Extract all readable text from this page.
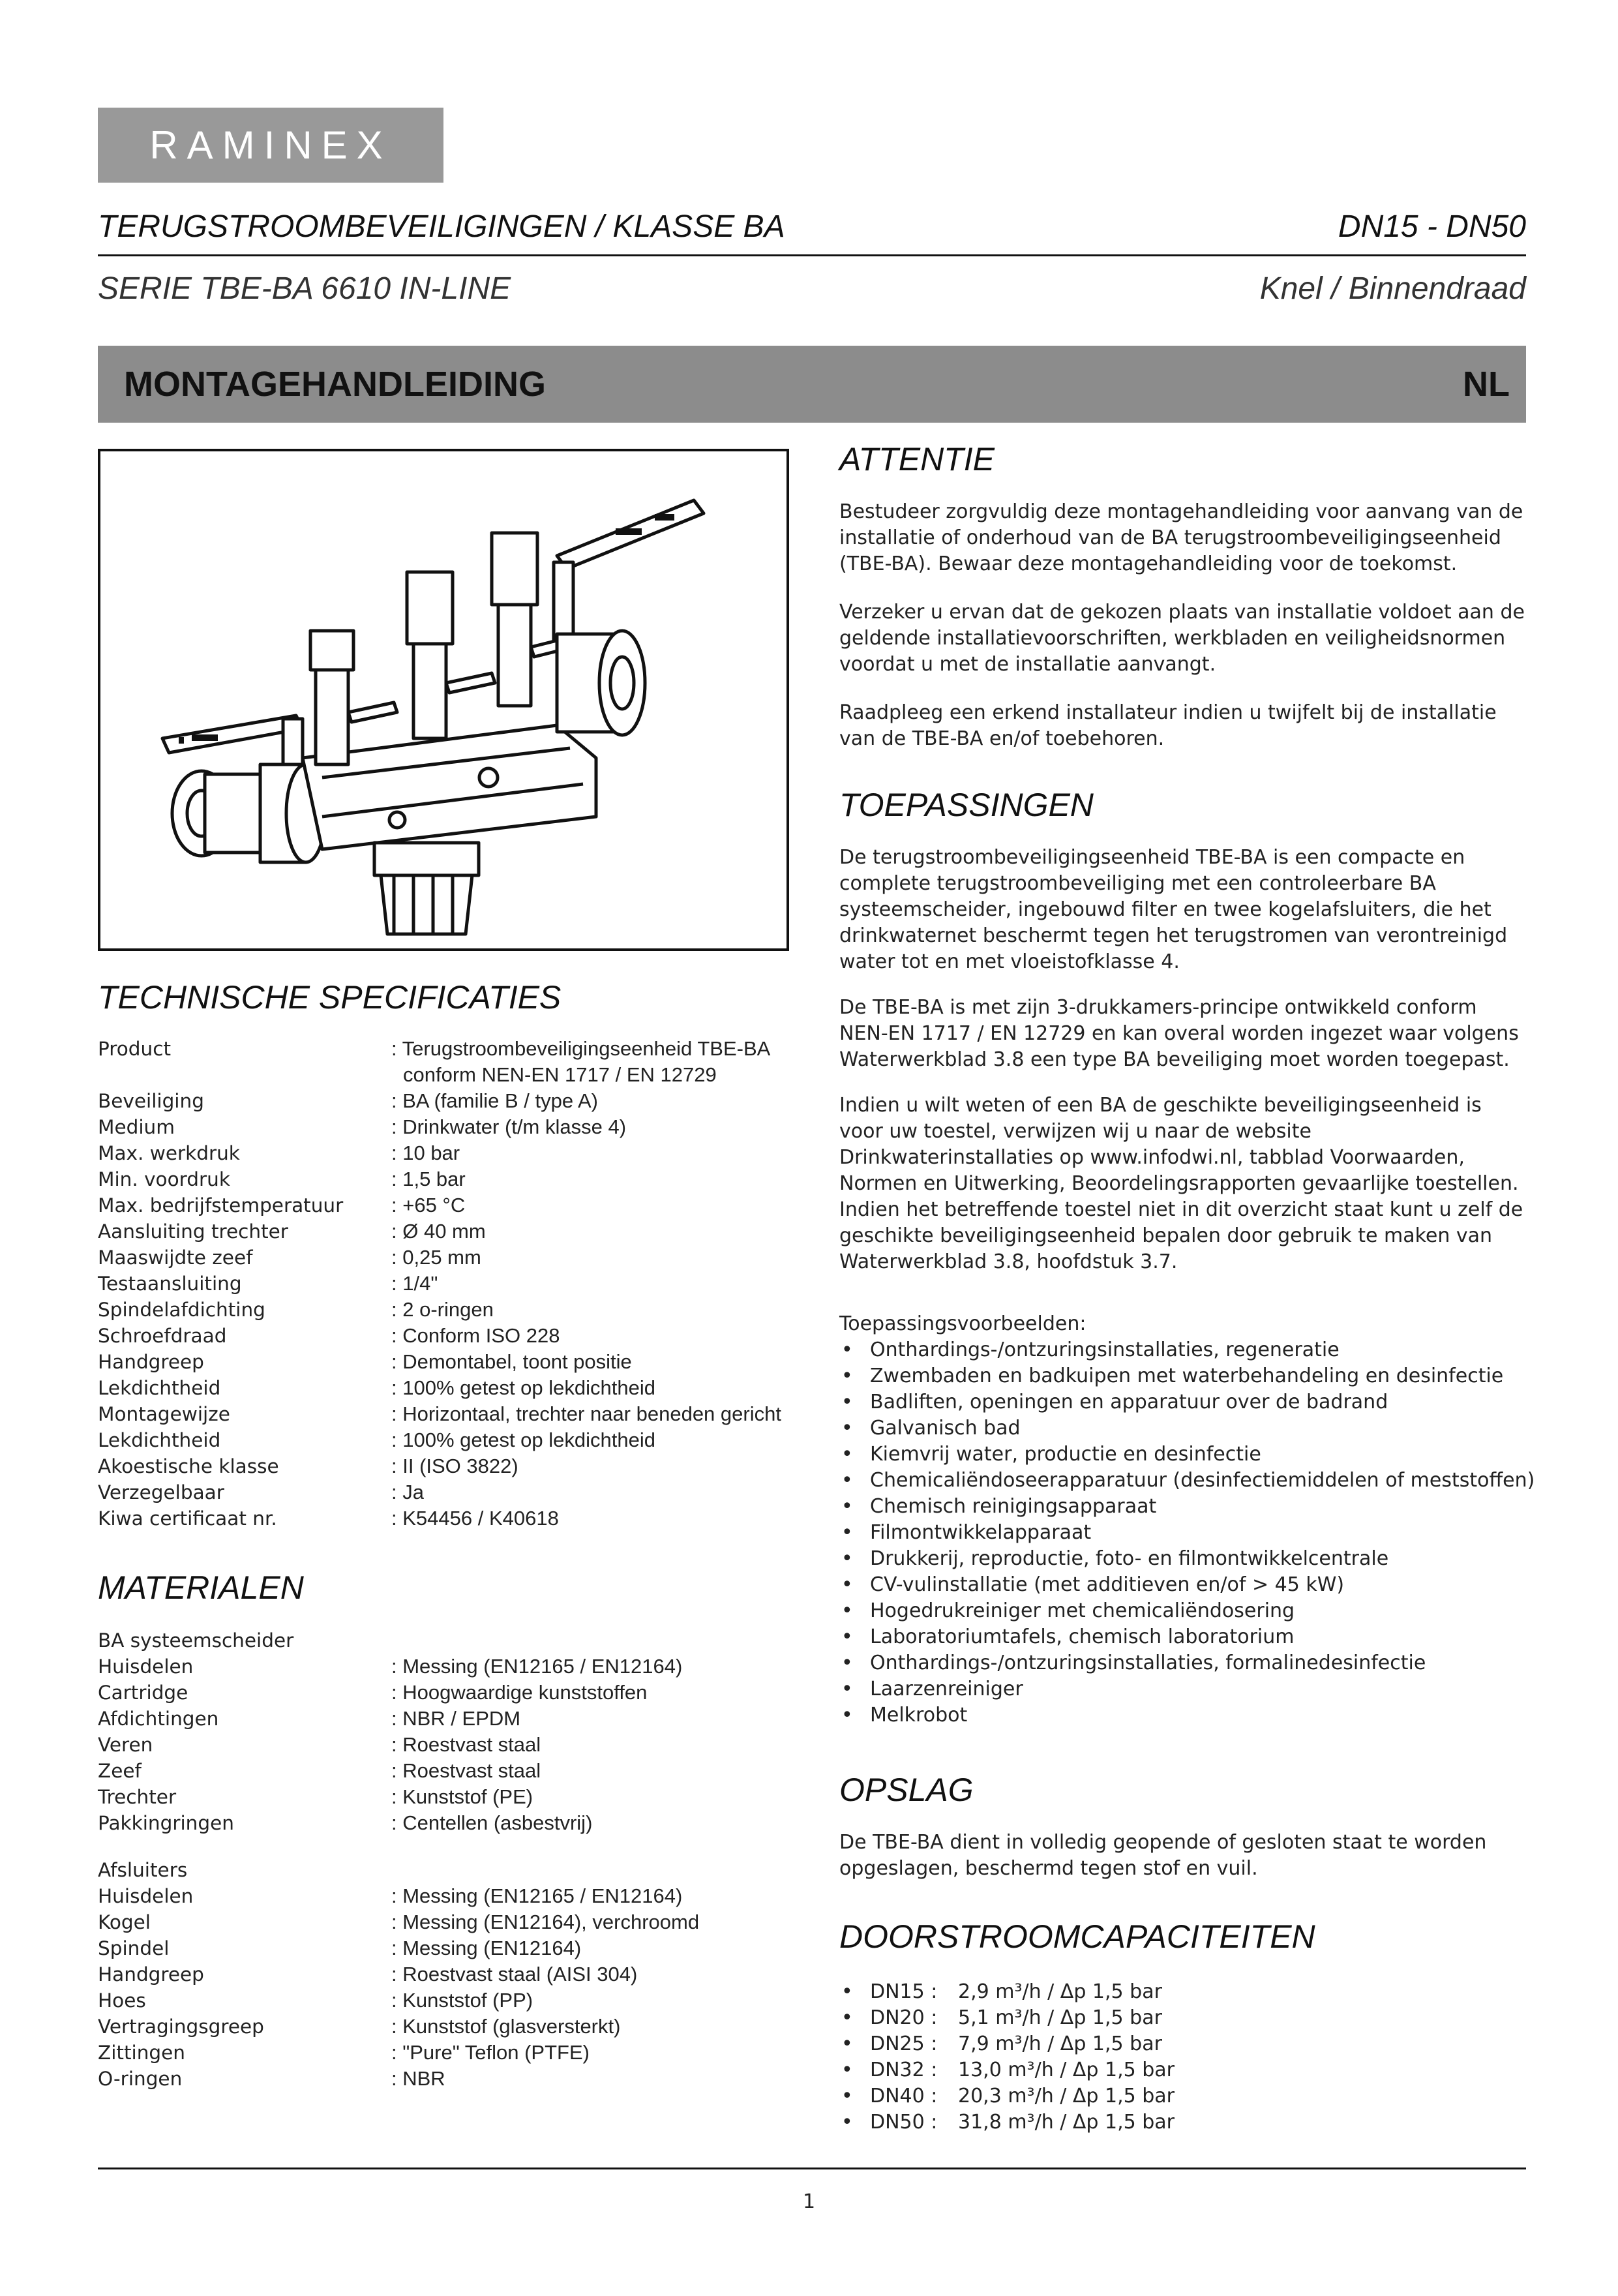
RAMINEX
TERUGSTROOMBEVEILIGINGEN / KLASSE BA	DN15 - DN50
SERIE TBE-BA 6610 IN-LINE	Knel / Binnendraad
MONTAGEHANDLEIDING	NL
TECHNISCHE SPECIFICATIES
Product	: Terugstroombeveiligingseenheid TBE-BA
conform NEN-EN 1717 / EN 12729
Beveiliging	: BA (familie B / type A)
Medium	: Drinkwater (t/m klasse 4)
Max. werkdruk	: 10 bar
Min. voordruk	: 1,5 bar
Max. bedrijfstemperatuur	: +65 °C
Aansluiting trechter	: Ø 40 mm
Maaswijdte zeef	: 0,25 mm
Testaansluiting	: 1/4"
Spindelafdichting	: 2 o-ringen
Schroefdraad	: Conform ISO 228
Handgreep	: Demontabel, toont positie
Lekdichtheid	: 100% getest op lekdichtheid
Montagewijze	: Horizontaal, trechter naar beneden gericht
Lekdichtheid	: 100% getest op lekdichtheid
Akoestische klasse	: II (ISO 3822)
Verzegelbaar	: Ja
Kiwa certificaat nr.	: K54456 / K40618
MATERIALEN
BA systeemscheider
Huisdelen	: Messing (EN12165 / EN12164)
Cartridge	: Hoogwaardige kunststoffen
Afdichtingen	: NBR / EPDM
Veren	: Roestvast staal
Zeef	: Roestvast staal
Trechter	: Kunststof (PE)
Pakkingringen	: Centellen (asbestvrij)
Afsluiters
Huisdelen	: Messing (EN12165 / EN12164)
Kogel	: Messing (EN12164), verchroomd
Spindel	: Messing (EN12164)
Handgreep	: Roestvast staal (AISI 304)
Hoes	: Kunststof (PP)
Vertragingsgreep	: Kunststof (glasversterkt)
Zittingen	: "Pure" Teflon (PTFE)
O-ringen	: NBR
ATTENTIE

Bestudeer zorgvuldig deze montagehandleiding voor aanvang van de installatie of onderhoud van de BA terugstroombeveiligingseenheid (TBE-BA). Bewaar deze montagehandleiding voor de toekomst.

Verzeker u ervan dat de gekozen plaats van installatie voldoet aan de geldende installatievoorschriften, werkbladen en veiligheidsnormen voordat u met de installatie aanvangt.

Raadpleeg een erkend installateur indien u twijfelt bij de installatie van de TBE-BA en/of toebehoren.

TOEPASSINGEN

De terugstroombeveiligingseenheid TBE-BA is een compacte en complete terugstroombeveiliging met een controleerbare BA systeemscheider, ingebouwd filter en twee kogelafsluiters, die het drinkwaternet beschermt tegen het terugstromen van verontreinigd water tot en met vloeistofklasse 4.

De TBE-BA is met zijn 3-drukkamers-principe ontwikkeld conform NEN-EN 1717 / EN 12729 en kan overal worden ingezet waar volgens Waterwerkblad 3.8 een type BA beveiliging moet worden toegepast.

Indien u wilt weten of een BA de geschikte beveiligingseenheid is voor uw toestel, verwijzen wij u naar de website Drinkwaterinstallaties op www.infodwi.nl, tabblad Voorwaarden, Normen en Uitwerking, Beoordelingsrapporten gevaarlijke toestellen. Indien het betreffende toestel niet in dit overzicht staat kunt u zelf de geschikte beveiligingseenheid bepalen door gebruik te maken van Waterwerkblad 3.8, hoofdstuk 3.7.

Toepassingsvoorbeelden:
• Onthardings-/ontzuringsinstallaties, regeneratie
• Zwembaden en badkuipen met waterbehandeling en desinfectie
• Badliften, openingen en apparatuur over de badrand
• Galvanisch bad
• Kiemvrij water, productie en desinfectie
• Chemicaliëndoseerapparatuur (desinfectiemiddelen of meststoffen)
• Chemisch reinigingsapparaat
• Filmontwikkelapparaat
• Drukkerij, reproductie, foto- en filmontwikkelcentrale
• CV-vulinstallatie (met additieven en/of > 45 kW)
• Hogedrukreiniger met chemicaliëndosering
• Laboratoriumtafels, chemisch laboratorium
• Onthardings-/ontzuringsinstallaties, formalinedesinfectie
• Laarzenreiniger
• Melkrobot
OPSLAG

De TBE-BA dient in volledig geopende of gesloten staat te worden opgeslagen, beschermd tegen stof en vuil.

DOORSTROOMCAPACITEITEN
• DN15 : 2,9 m³/h / Δp 1,5 bar
• DN20 : 5,1 m³/h / Δp 1,5 bar
• DN25 : 7,9 m³/h / Δp 1,5 bar
• DN32 : 13,0 m³/h / Δp 1,5 bar
• DN40 : 20,3 m³/h / Δp 1,5 bar
• DN50 : 31,8 m³/h / Δp 1,5 bar
1
